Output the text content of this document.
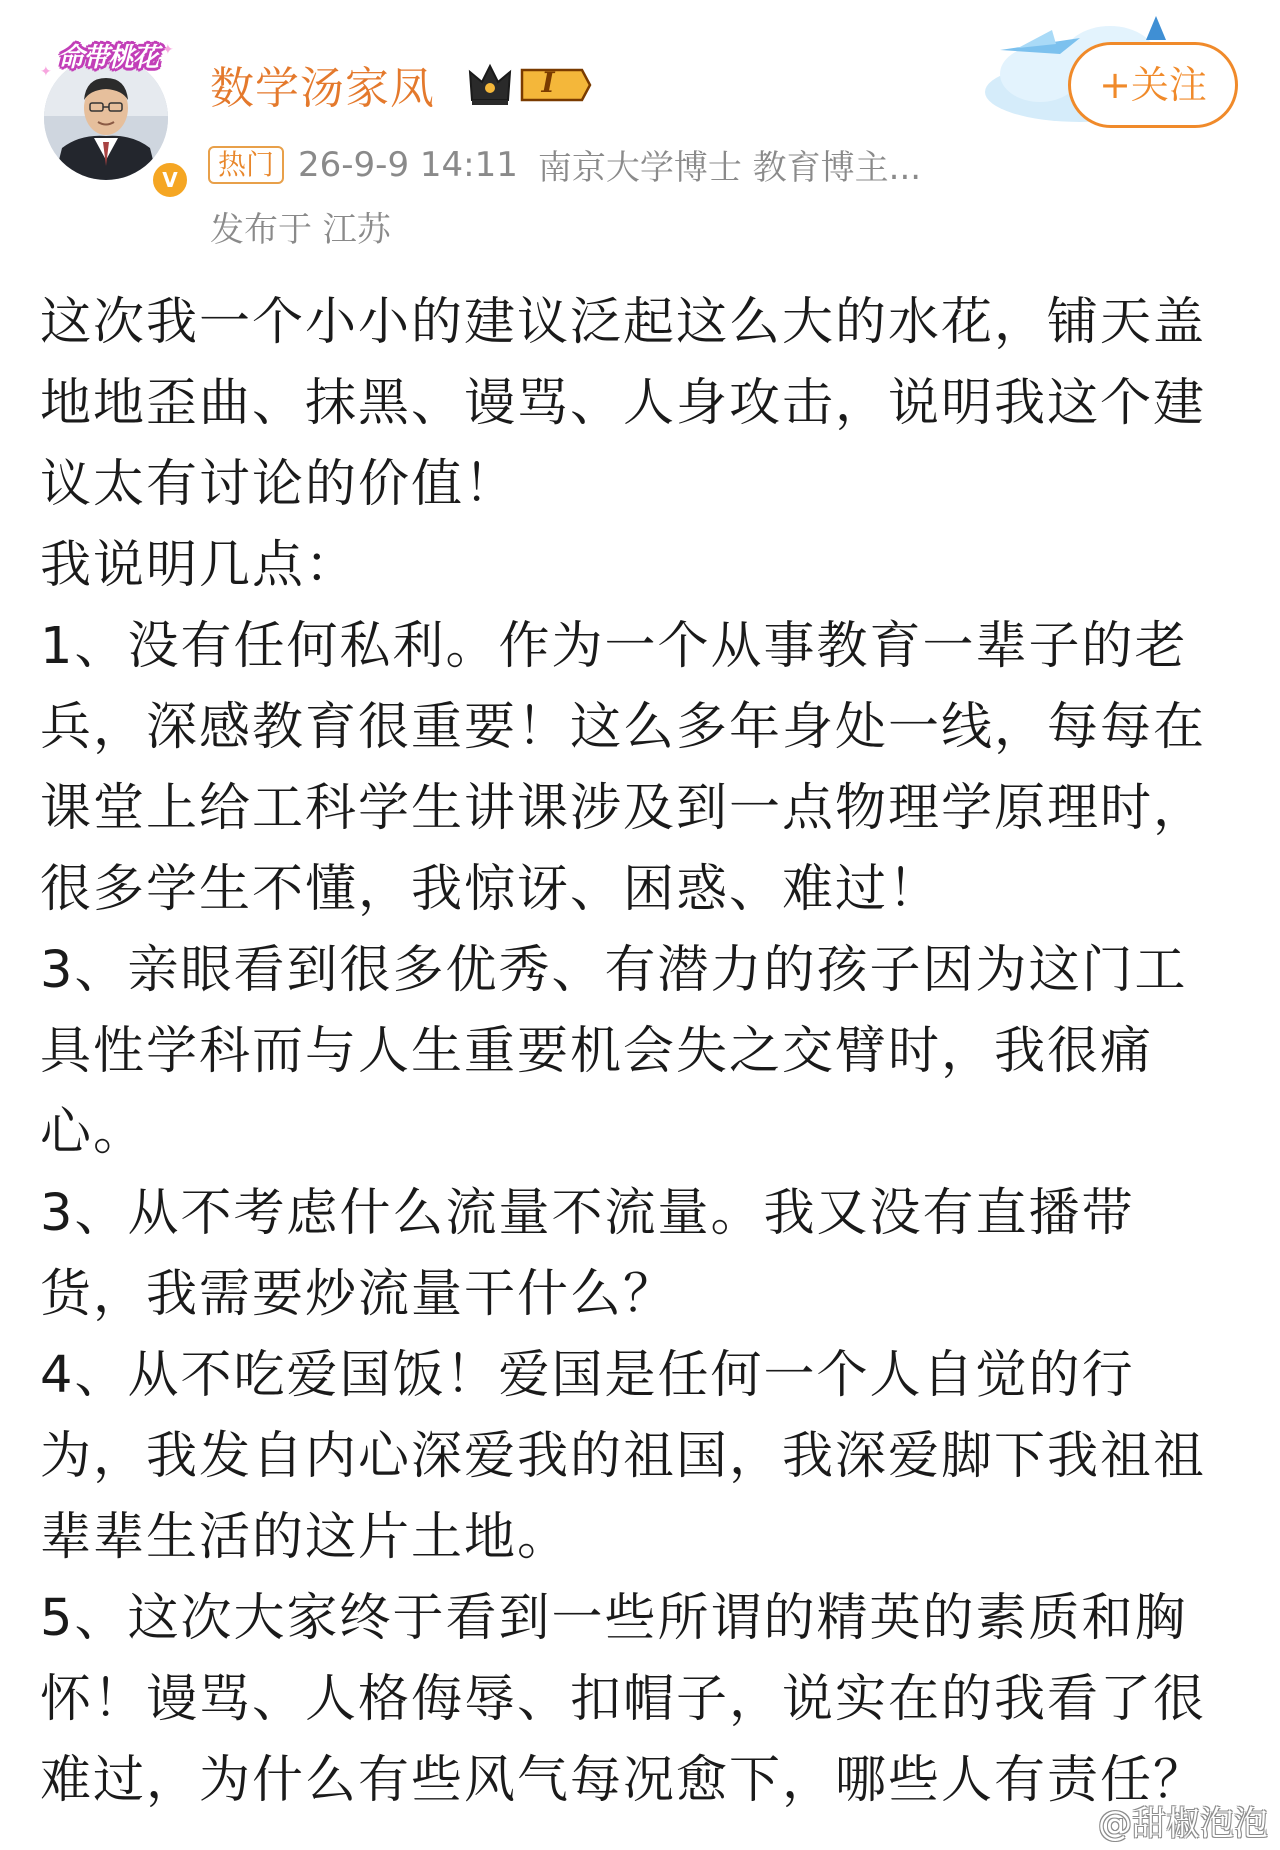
命带桃花
✦
✦
V
数学汤家凤	I	+关注
热门 26-9-9 14:11 南京大学博士 教育博主...
发布于 江苏

这次我一个小小的建议泛起这么大的水花，铺天盖地地歪曲、抹黑、谩骂、人身攻击，说明我这个建议太有讨论的价值！

我说明几点：

1、没有任何私利。作为一个从事教育一辈子的老兵，深感教育很重要！这么多年身处一线，每每在课堂上给工科学生讲课涉及到一点物理学原理时，很多学生不懂，我惊讶、困惑、难过！

3、亲眼看到很多优秀、有潜力的孩子因为这门工具性学科而与人生重要机会失之交臂时，我很痛心。

3、从不考虑什么流量不流量。我又没有直播带货，我需要炒流量干什么？

4、从不吃爱国饭！爱国是任何一个人自觉的行为，我发自内心深爱我的祖国，我深爱脚下我祖祖辈辈生活的这片土地。

5、这次大家终于看到一些所谓的精英的素质和胸怀！谩骂、人格侮辱、扣帽子，说实在的我看了很难过，为什么有些风气每况愈下，哪些人有责任？

@甜椒泡泡
